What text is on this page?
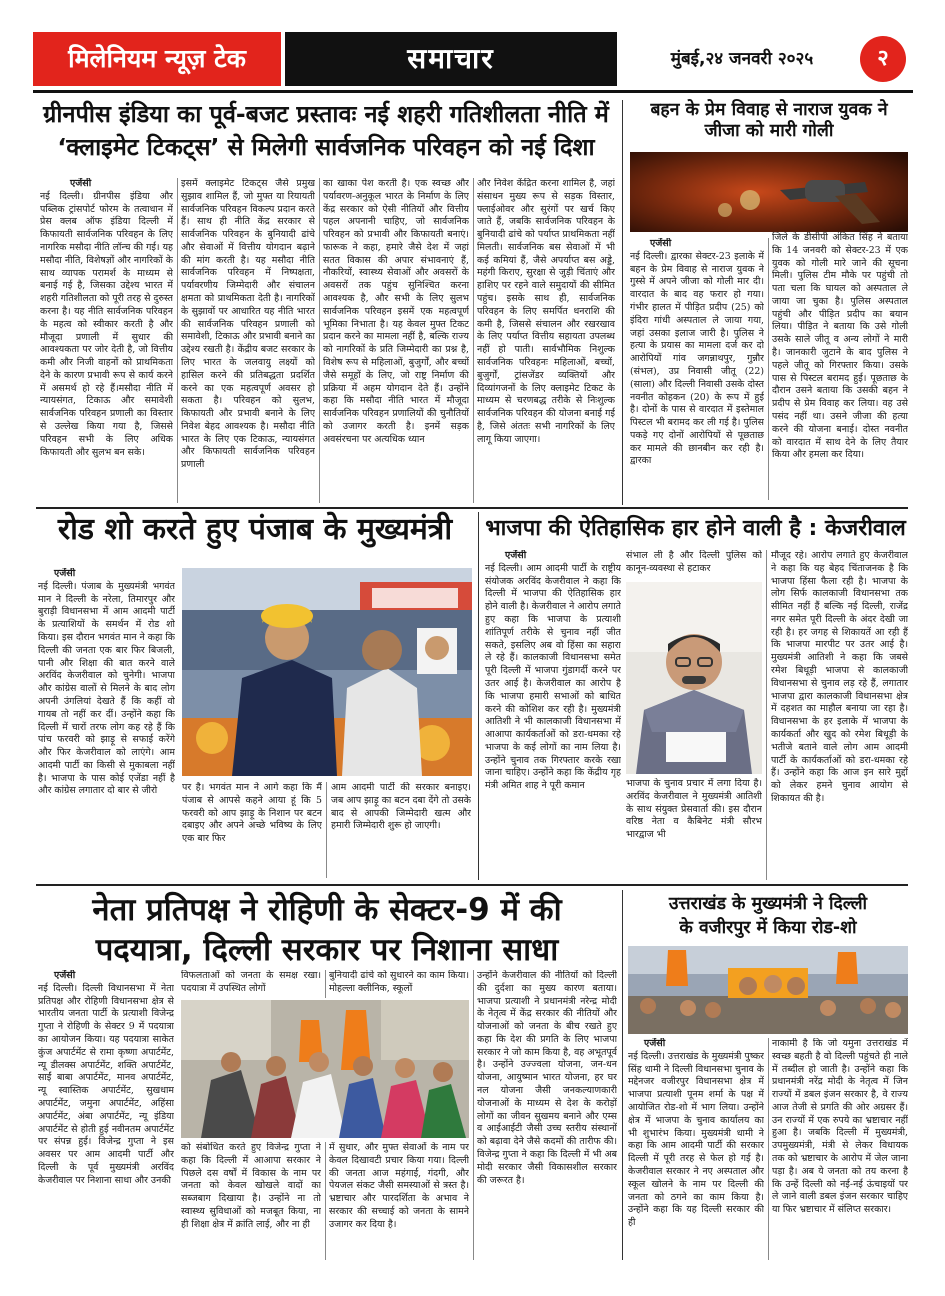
मिलेनियम न्यूज़ टेक	समाचार	मुंबई,२४ जनवरी २०२५	२
ग्रीनपीस इंडिया का पूर्व-बजट प्रस्तावः नई शहरी गतिशीलता नीति में
‘क्लाइमेट टिकट्स’ से मिलेगी सार्वजनिक परिवहन को नई दिशा
एजेंसी
नई दिल्ली। ग्रीनपीस इंडिया और पब्लिक ट्रांसपोर्ट फोरम के तत्वाधान में प्रेस क्लब ऑफ इंडिया दिल्ली में किफायती सार्वजनिक परिवहन के लिए नागरिक मसौदा नीति लॉन्च की गई। यह मसौदा नीति, विशेषज्ञों और नागरिकों के साथ व्यापक परामर्श के माध्यम से बनाई गई है, जिसका उद्देश्य भारत में शहरी गतिशीलता को पूरी तरह से दुरुस्त करना है। यह नीति सार्वजनिक परिवहन के महत्व को स्वीकार करती है और मौजूदा प्रणाली में सुधार की आवश्यकता पर जोर देती है, जो वित्तीय कमी और निजी वाहनों को प्राथमिकता देने के कारण प्रभावी रूप से कार्य करने में असमर्थ हो रहे हैं।मसौदा नीति में न्यायसंगत, टिकाऊ और समावेशी सार्वजनिक परिवहन प्रणाली का विस्तार से उल्लेख किया गया है, जिससे परिवहन सभी के लिए अधिक किफायती और सुलभ बन सके।
इसमें क्लाइमेट टिकट्स जैसे प्रमुख सुझाव शामिल हैं, जो मुफ्त या रियायती सार्वजनिक परिवहन विकल्प प्रदान करते हैं। साथ ही नीति केंद्र सरकार से सार्वजनिक परिवहन के बुनियादी ढांचे और सेवाओं में वित्तीय योगदान बढ़ाने की मांग करती है। यह मसौदा नीति सार्वजनिक परिवहन में निष्पक्षता, पर्यावरणीय जिम्मेदारी और संचालन क्षमता को प्राथमिकता देती है। नागरिकों के सुझावों पर आधारित यह नीति भारत की सार्वजनिक परिवहन प्रणाली को समावेशी, टिकाऊ और प्रभावी बनाने का उद्देश्य रखती है। केंद्रीय बजट सरकार के लिए भारत के जलवायु लक्ष्यों को हासिल करने की प्रतिबद्धता प्रदर्शित करने का एक महत्वपूर्ण अवसर हो सकता है। परिवहन को सुलभ, किफायती और प्रभावी बनाने के लिए निवेश बेहद आवश्यक है। मसौदा नीति भारत के लिए एक टिकाऊ, न्यायसंगत और किफायती सार्वजनिक परिवहन प्रणाली
का खाका पेश करती है। एक स्वच्छ और पर्यावरण-अनुकूल भारत के निर्माण के लिए केंद्र सरकार को ऐसी नीतियों और वित्तीय पहल अपनानी चाहिए, जो सार्वजनिक परिवहन को प्रभावी और किफायती बनाएं। फारूक ने कहा, हमारे जैसे देश में जहां सतत विकास की अपार संभावनाएं हैं, नौकरियों, स्वास्थ्य सेवाओं और अवसरों के अवसरों तक पहुंच सुनिश्चित करना आवश्यक है, और सभी के लिए सुलभ सार्वजनिक परिवहन इसमें एक महत्वपूर्ण भूमिका निभाता है। यह केवल मुफ्त टिकट प्रदान करने का मामला नहीं है, बल्कि राज्य को नागरिकों के प्रति जिम्मेदारी का प्रश्न है, विशेष रूप से महिलाओं, बुजुर्गों, और बच्चों जैसे समूहों के लिए, जो राष्ट्र निर्माण की प्रक्रिया में अहम योगदान देते हैं। उन्होंने कहा कि मसौदा नीति भारत में मौजूदा सार्वजनिक परिवहन प्रणालियों की चुनौतियों को उजागर करती है। इनमें सड़क अवसंरचना पर अत्यधिक ध्यान
और निवेश केंद्रित करना शामिल है, जहां संसाधन मुख्य रूप से सड़क विस्तार, फ्लाईओवर और सुरंगों पर खर्च किए जाते हैं, जबकि सार्वजनिक परिवहन के बुनियादी ढांचे को पर्याप्त प्राथमिकता नहीं मिलती। सार्वजनिक बस सेवाओं में भी कई कमियां हैं, जैसे अपर्याप्त बस अड्डे, महंगी किराए, सुरक्षा से जुड़ी चिंताएं और हाशिए पर रहने वाले समुदायों की सीमित पहुंच। इसके साथ ही, सार्वजनिक परिवहन के लिए समर्पित धनराशि की कमी है, जिससे संचालन और रखरखाव के लिए पर्याप्त वित्तीय सहायता उपलब्ध नहीं हो पाती। सार्वभौमिक निशुल्क सार्वजनिक परिवहनः महिलाओं, बच्चों, बुजुर्गों, ट्रांसजेंडर व्यक्तियों और दिव्यांगजनों के लिए क्लाइमेट टिकट के माध्यम से चरणबद्ध तरीके से निःशुल्क सार्वजनिक परिवहन की योजना बनाई गई है, जिसे अंततः सभी नागरिकों के लिए लागू किया जाएगा।
बहन के प्रेम विवाह से नाराज युवक ने जीजा को मारी गोली
एजेंसी
नई दिल्ली। द्वारका सेक्टर-23 इलाके में बहन के प्रेम विवाह से नाराज युवक ने गुस्से में अपने जीजा को गोली मार दी। वारदात के बाद वह फरार हो गया। गंभीर हालत में पीड़ित प्रदीप (25) को इंदिरा गांधी अस्पताल ले जाया गया, जहां उसका इलाज जारी है। पुलिस ने हत्या के प्रयास का मामला दर्ज कर दो आरोपियों गांव जगन्नाथपुर, गुन्नौर (संभल), उप्र निवासी जीतू (22) (साला) और दिल्ली निवासी उसके दोस्त नवनीत कोहकन (20) के रूप में हुई है। दोनों के पास से वारदात में इस्तेमाल पिस्टल भी बरामद कर ली गई है। पुलिस पकड़े गए दोनों आरोपियों से पूछताछ कर मामले की छानबीन कर रही है। द्वारका
जिले के डीसीपी अंकित सिंह ने बताया कि 14 जनवरी को सेक्टर-23 में एक युवक को गोली मारे जाने की सूचना मिली। पुलिस टीम मौके पर पहुंची तो पता चला कि घायल को अस्पताल ले जाया जा चुका है। पुलिस अस्पताल पहुंची और पीड़ित प्रदीप का बयान लिया। पीड़ित ने बताया कि उसे गोली उसके साले जीतू व अन्य लोगों ने मारी है। जानकारी जुटाने के बाद पुलिस ने पहले जीतू को गिरफ्तार किया। उसके पास से पिस्टल बरामद हुई। पूछताछ के दौरान उसने बताया कि उसकी बहन ने प्रदीप से प्रेम विवाह कर लिया। वह उसे पसंद नहीं था। उसने जीजा की हत्या करने की योजना बनाई। दोस्त नवनीत को वारदात में साथ देने के लिए तैयार किया और हमला कर दिया।
रोड शो करते हुए पंजाब के मुख्यमंत्री
एजेंसी
नई दिल्ली। पंजाब के मुख्यमंत्री भगवंत मान ने दिल्ली के नरेला, तिमारपुर और बुराड़ी विधानसभा में आम आदमी पार्टी के प्रत्याशियों के समर्थन में रोड शो किया। इस दौरान भगवंत मान ने कहा कि दिल्ली की जनता एक बार फिर बिजली, पानी और शिक्षा की बात करने वाले अरविंद केजरीवाल को चुनेगी। भाजपा और कांग्रेस वालों से मिलने के बाद लोग अपनी उंगलियां देखते हैं कि कहीं वो गायब तो नहीं कर दीं। उन्होंने कहा कि दिल्ली में चारों तरफ लोग कह रहे हैं कि पांच फरवरी को झाड़ू से सफाई करेंगे और फिर केजरीवाल को लाएंगे। आम आदमी पार्टी का किसी से मुकाबला नहीं है। भाजपा के पास कोई एजेंडा नहीं है और कांग्रेस लगातार दो बार से जीरो	पर है। भगवंत मान ने आगे कहा कि मैं पंजाब से आपसे कहने आया हूं कि 5 फरवरी को आप झाड़ू के निशान पर बटन दबाइए और अपने अच्छे भविष्य के लिए एक बार फिर
आम आदमी पार्टी की सरकार बनाइए। जब आप झाड़ू का बटन दबा देंगे तो उसके बाद से आपकी जिम्मेदारी खत्म और हमारी जिम्मेदारी शुरू हो जाएगी।
भाजपा की ऐतिहासिक हार होने वाली है : केजरीवाल
एजेंसी
नई दिल्ली। आम आदमी पार्टी के राष्ट्रीय संयोजक अरविंद केजरीवाल ने कहा कि दिल्ली में भाजपा की ऐतिहासिक हार होने वाली है। केजरीवाल ने आरोप लगाते हुए कहा कि भाजपा के प्रत्याशी शांतिपूर्ण तरीके से चुनाव नहीं जीत सकते, इसलिए अब वो हिंसा का सहारा ले रहे हैं। कालकाजी विधानसभा समेत पूरी दिल्ली में भाजपा गुंडागर्दी करने पर उतर आई है। केजरीवाल का आरोप है कि भाजपा हमारी सभाओं को बाधित करने की कोशिश कर रही है। मुख्यमंत्री आतिशी ने भी कालकाजी विधानसभा में आआपा कार्यकर्ताओं को डरा-धमका रहे भाजपा के कई लोगों का नाम लिया है। उन्होंने चुनाव तक गिरफ्तार करके रखा जाना चाहिए। उन्होंने कहा कि केंद्रीय गृह मंत्री अमित शाह ने पूरी कमान
संभाल ली है और दिल्ली पुलिस को कानून-व्यवस्था से हटाकर
भाजपा के चुनाव प्रचार में लगा दिया है। अरविंद केजरीवाल ने मुख्यमंत्री आतिशी के साथ संयुक्त प्रेसवार्ता की। इस दौरान वरिष्ठ नेता व कैबिनेट मंत्री सौरभ भारद्वाज भी
मौजूद रहे। आरोप लगाते हुए केजरीवाल ने कहा कि यह बेहद चिंताजनक है कि भाजपा हिंसा फैला रही है। भाजपा के लोग सिर्फ कालकाजी विधानसभा तक सीमित नहीं हैं बल्कि नई दिल्ली, राजेंद्र नगर समेत पूरी दिल्ली के अंदर देखी जा रही है। हर जगह से शिकायतें आ रही हैं कि भाजपा मारपीट पर उतर आई है। मुख्यमंत्री आतिशी ने कहा कि जबसे रमेश बिधूड़ी भाजपा से कालकाजी विधानसभा से चुनाव लड़ रहे हैं, लगातार भाजपा द्वारा कालकाजी विधानसभा क्षेत्र में दहशत का माहौल बनाया जा रहा है। विधानसभा के हर इलाके में भाजपा के कार्यकर्ता और खुद को रमेश बिधूड़ी के भतीजे बताने वाले लोग आम आदमी पार्टी के कार्यकर्ताओं को डरा-धमका रहे हैं। उन्होंने कहा कि आज इन सारे मुद्दों को लेकर हमने चुनाव आयोग से शिकायत की है।
नेता प्रतिपक्ष ने रोहिणी के सेक्टर-9 में की
पदयात्रा, दिल्ली सरकार पर निशाना साधा
एजेंसी
नई दिल्ली। दिल्ली विधानसभा में नेता प्रतिपक्ष और रोहिणी विधानसभा क्षेत्र से भारतीय जनता पार्टी के प्रत्याशी विजेन्द्र गुप्ता ने रोहिणी के सेक्टर 9 में पदयात्रा का आयोजन किया। यह पदयात्रा साकेत कुंज अपार्टमेंट से रामा कृष्णा अपार्टमेंट, न्यू डीलक्स अपार्टमेंट, शक्ति अपार्टमेंट, साईं बाबा अपार्टमेंट, मानव अपार्टमेंट, न्यू स्वास्तिक अपार्टमेंट, सुखधाम अपार्टमेंट, जमुना अपार्टमेंट, अहिंसा अपार्टमेंट, अंबा अपार्टमेंट, न्यू इंडिया अपार्टमेंट से होती हुई नवीनतम अपार्टमेंट पर संपन्न हुई। विजेन्द्र गुप्ता ने इस अवसर पर आम आदमी पार्टी और दिल्ली के पूर्व मुख्यमंत्री अरविंद केजरीवाल पर निशाना साधा और उनकी
विफलताओं को जनता के समक्ष रखा। पदयात्रा में उपस्थित लोगों
बुनियादी ढांचे को सुधारने का काम किया। मोहल्ला क्लीनिक, स्कूलों
को संबोधित करते हुए विजेन्द्र गुप्ता ने कहा कि दिल्ली में आआपा सरकार ने पिछले दस वर्षों में विकास के नाम पर जनता को केवल खोखले वादों का सब्जबाग दिखाया है। उन्होंने ना तो स्वास्थ्य सुविधाओं को मजबूत किया, ना ही शिक्षा क्षेत्र में क्रांति लाई, और ना ही
में सुधार, और मुफ्त सेवाओं के नाम पर केवल दिखावटी प्रचार किया गया। दिल्ली की जनता आज महंगाई, गंदगी, और पेयजल संकट जैसी समस्याओं से त्रस्त है। भ्रष्टाचार और पारदर्शिता के अभाव ने सरकार की सच्चाई को जनता के सामने उजागर कर दिया है।
उन्होंने केजरीवाल की नीतियों को दिल्ली की दुर्दशा का मुख्य कारण बताया। भाजपा प्रत्याशी ने प्रधानमंत्री नरेन्द्र मोदी के नेतृत्व में केंद्र सरकार की नीतियों और योजनाओं को जनता के बीच रखते हुए कहा कि देश की प्रगति के लिए भाजपा सरकार ने जो काम किया है, वह अभूतपूर्व है। उन्होंने उज्ज्वला योजना, जन-धन योजना, आयुष्मान भारत योजना, हर घर नल योजना जैसी जनकल्याणकारी योजनाओं के माध्यम से देश के करोड़ों लोगों का जीवन सुखमय बनाने और एम्स व आईआईटी जैसी उच्च स्तरीय संस्थानों को बढ़ावा देने जैसे कदमों की तारीफ की। विजेन्द्र गुप्ता ने कहा कि दिल्ली में भी अब मोदी सरकार जैसी विकासशील सरकार की जरूरत है।
उत्तराखंड के मुख्यमंत्री ने दिल्ली
के वजीरपुर में किया रोड-शो
एजेंसी
नई दिल्ली। उत्तराखंड के मुख्यमंत्री पुष्कर सिंह धामी ने दिल्ली विधानसभा चुनाव के मद्देनजर वजीरपुर विधानसभा क्षेत्र में भाजपा प्रत्याशी पूनम शर्मा के पक्ष में आयोजित रोड-शो में भाग लिया। उन्होंने क्षेत्र में भाजपा के चुनाव कार्यालय का भी शुभारंभ किया। मुख्यमंत्री धामी ने कहा कि आम आदमी पार्टी की सरकार दिल्ली में पूरी तरह से फेल हो गई है। केजरीवाल सरकार ने नए अस्पताल और स्कूल खोलने के नाम पर दिल्ली की जनता को ठगने का काम किया है। उन्होंने कहा कि यह दिल्ली सरकार की ही
नाकामी है कि जो यमुना उत्तराखंड में स्वच्छ बहती है वो दिल्ली पहुंचते ही नाले में तब्दील हो जाती है। उन्होंने कहा कि प्रधानमंत्री नरेंद्र मोदी के नेतृत्व में जिन राज्यों में डबल इंजन सरकार है, वे राज्य आज तेजी से प्रगति की ओर अग्रसर हैं। उन राज्यों में एक रुपये का भ्रष्टाचार नहीं हुआ है। जबकि दिल्ली में मुख्यमंत्री, उपमुख्यमंत्री, मंत्री से लेकर विधायक तक को भ्रष्टाचार के आरोप में जेल जाना पड़ा है। अब ये जनता को तय करना है कि उन्हें दिल्ली को नई-नई ऊंचाइयों पर ले जाने वाली डबल इंजन सरकार चाहिए या फिर भ्रष्टाचार में संलिप्त सरकार।
